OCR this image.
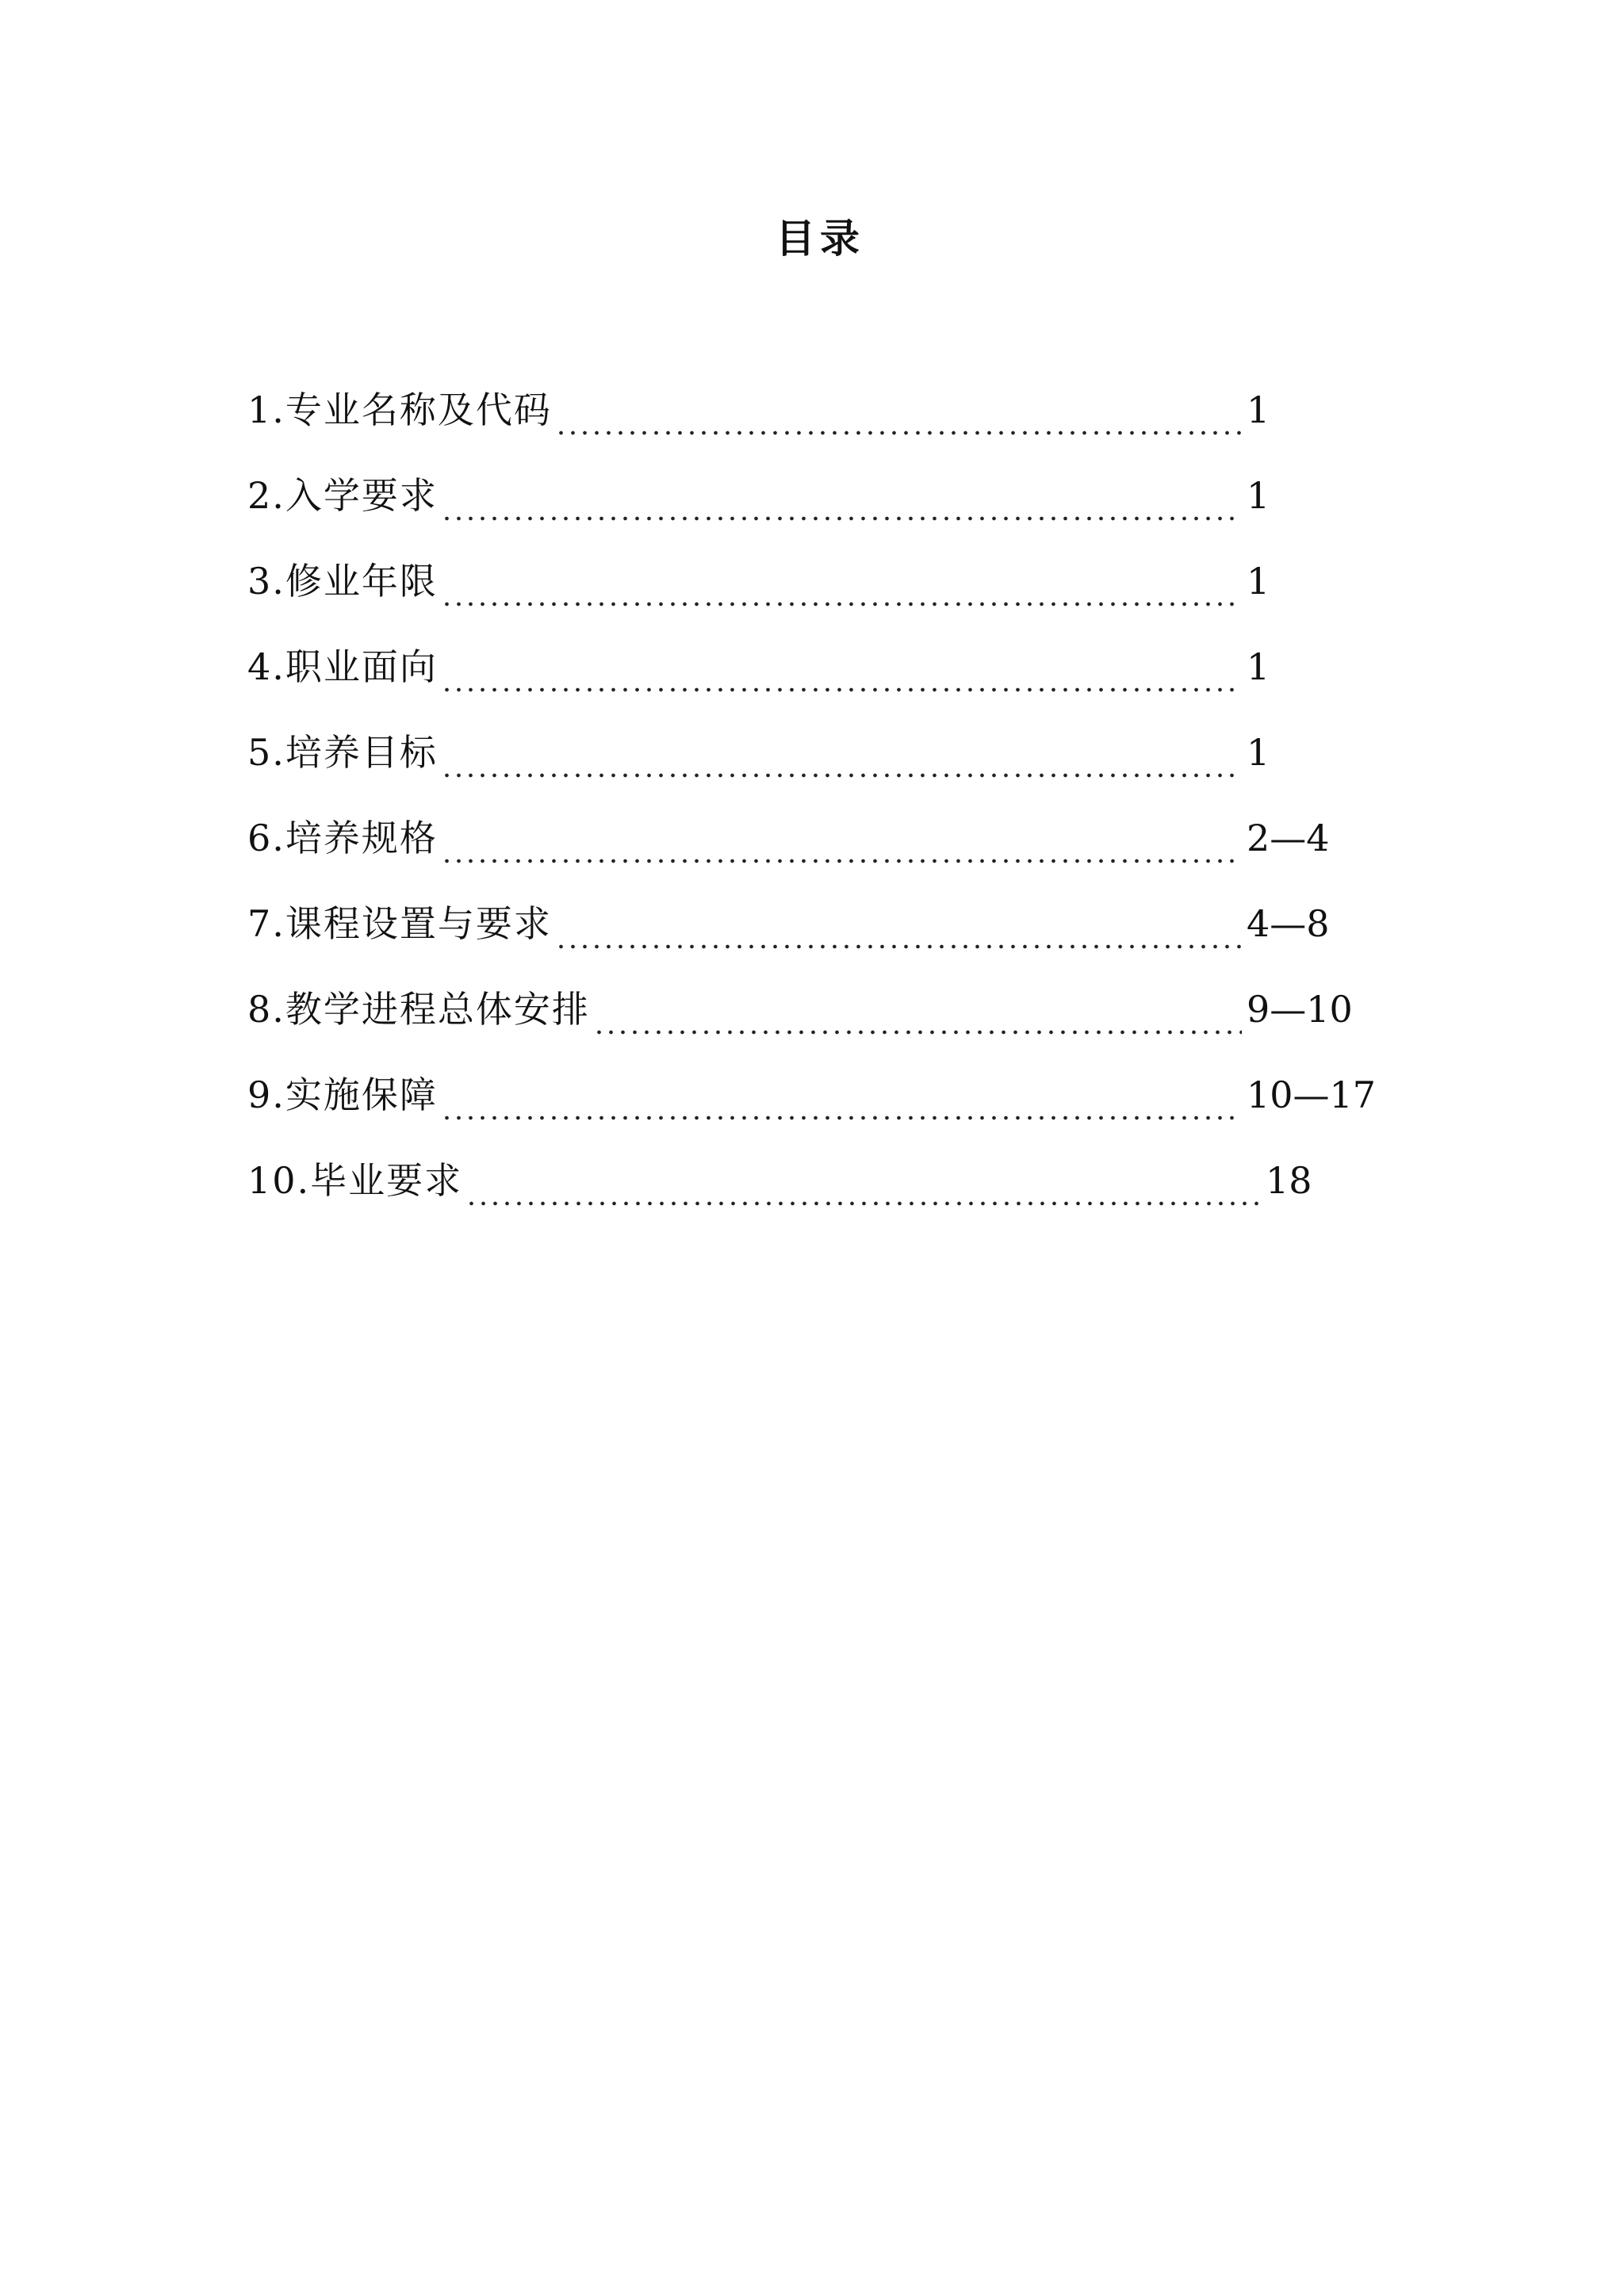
目录
1.专业名称及代码	1
2.入学要求	1
3.修业年限	1
4.职业面向	1
5.培养目标	1
6.培养规格	2—4
7.课程设置与要求	4—8
8.教学进程总体安排	9—10
9.实施保障	10—17
10.毕业要求	18
